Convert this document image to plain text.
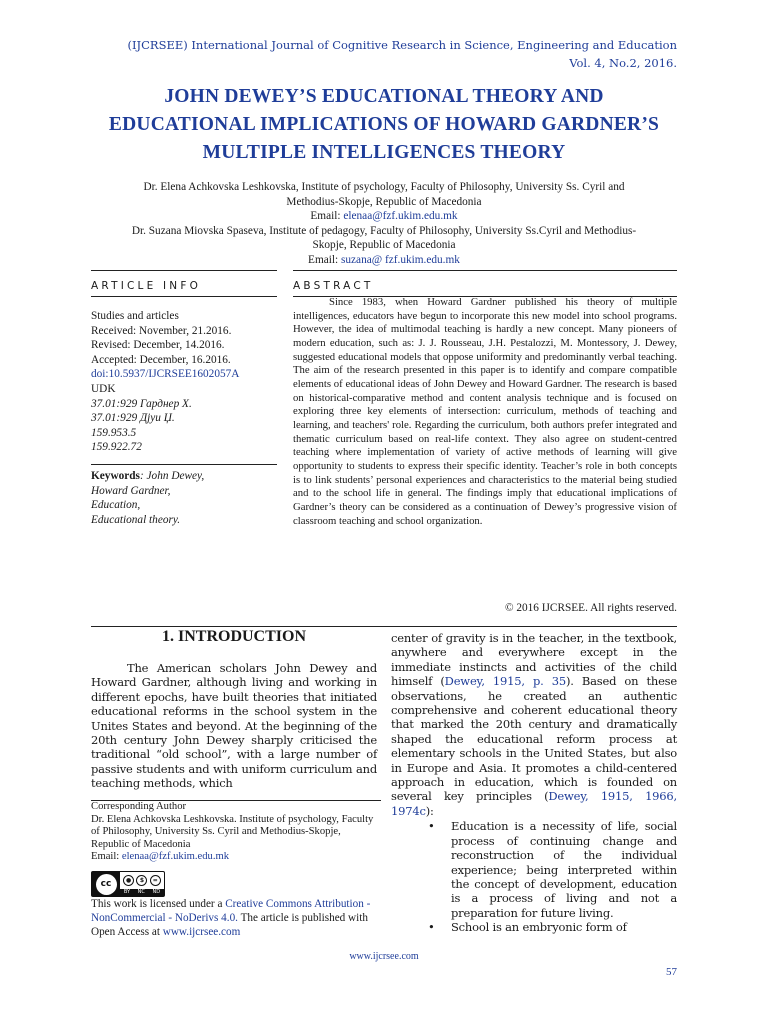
(IJCRSEE) International Journal of Cognitive Research in Science, Engineering and Education
Vol. 4, No.2, 2016.
JOHN DEWEY’S EDUCATIONAL THEORY AND
EDUCATIONAL IMPLICATIONS OF HOWARD GARDNER’S
MULTIPLE INTELLIGENCES THEORY
Dr. Elena Achkovska Leshkovska, Institute of psychology, Faculty of Philosophy, University Ss. Cyril and
Methodius-Skopje, Republic of Macedonia
Email: elenaa@fzf.ukim.edu.mk
Dr. Suzana Miovska Spaseva, Institute of pedagogy, Faculty of Philosophy, University Ss.Cyril and Methodius-
Skopje, Republic of Macedonia
Email: suzana@ fzf.ukim.edu.mk
ARTICLE INFO	ABSTRACT
Studies and articles
Received: November, 21.2016.
Revised: December, 14.2016.
Accepted: December, 16.2016.
doi:10.5937/IJCRSEE1602057A
UDK
37.01:929 Гарднер Х.
37.01:929 Дјуи Џ.
159.953.5
159.922.72
Keywords: John Dewey,
Howard Gardner,
Education,
Educational theory.
Since 1983, when Howard Gardner published his theory of multiple intelligences, educators have begun to incorporate this new model into school programs. However, the idea of multimodal teaching is hardly a new concept. Many pioneers of modern education, such as: J. J. Rousseau, J.H. Pestalozzi, M. Montessory, J. Dewey, suggested educational models that oppose uniformity and predominantly verbal teaching. The aim of the research presented in this paper is to identify and compare compatible elements of educational ideas of John Dewey and Howard Gardner. The research is based on historical-comparative method and content analysis technique and is focused on exploring three key elements of intersection: curriculum, methods of teaching and learning, and teachers' role. Regarding the curriculum, both authors prefer integrated and thematic curriculum based on real-life context. They also agree on student-centred teaching where implementation of variety of active methods of learning will give opportunity to students to express their specific identity. Teacher’s role in both concepts is to link students’ personal experiences and characteristics to the material being studied and to the school life in general. The findings imply that educational implications of Gardner’s theory can be considered as a continuation of Dewey’s progressive vision of classroom teaching and school organization.
© 2016 IJCRSEE. All rights reserved.
1. INTRODUCTION
The American scholars John Dewey and Howard Gardner, although living and working in different epochs, have built theories that initiated educational reforms in the school system in the Unites States and beyond. At the beginning of the 20th century John Dewey sharply criticised the traditional “old school”, with a large number of passive students and with uniform curriculum and teaching methods, which
center of gravity is in the teacher, in the textbook, anywhere and everywhere except in the immediate instincts and activities of the child himself (Dewey, 1915, p. 35). Based on these observations, he created an authentic comprehensive and coherent educational theory that marked the 20th century and dramatically shaped the educational reform process at elementary schools in the United States, but also in Europe and Asia. It promotes a child-centered approach in education, which is founded on several key principles (Dewey, 1915, 1966, 1974c):
• Education is a necessity of life, social process of continuing change and reconstruction of the individual experience; being interpreted within the concept of development, education is a process of living and not a preparation for future living.
• School is an embryonic form of
Corresponding Author
Dr. Elena Achkovska Leshkovska. Institute of psychology, Faculty of Philosophy, University Ss. Cyril and Methodius-Skopje, Republic of Macedonia
Email: elenaa@fzf.ukim.edu.mk
cc	●	$	=
BY NC ND
This work is licensed under a Creative Commons Attribution - NonCommercial - NoDerivs 4.0. The article is published with Open Access at www.ijcrsee.com
www.ijcrsee.com
57
